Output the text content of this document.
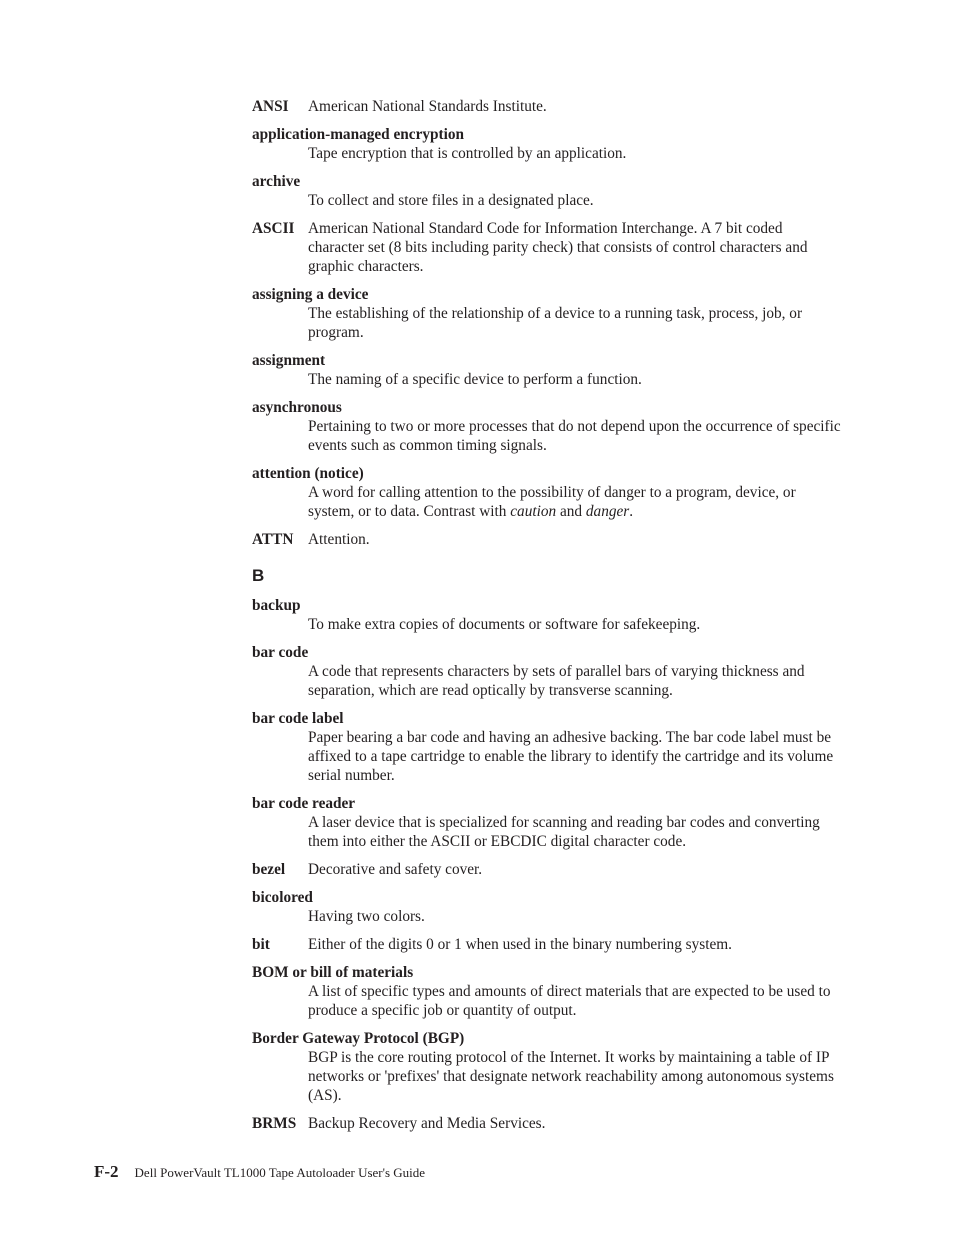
ANSI	American National Standards Institute.
application-managed encryption
Tape encryption that is controlled by an application.
archive
To collect and store files in a designated place.
ASCII American National Standard Code for Information Interchange. A 7 bit coded character set (8 bits including parity check) that consists of control characters and graphic characters.
assigning a device
The establishing of the relationship of a device to a running task, process, job, or program.
assignment
The naming of a specific device to perform a function.
asynchronous
Pertaining to two or more processes that do not depend upon the occurrence of specific events such as common timing signals.
attention (notice)
A word for calling attention to the possibility of danger to a program, device, or system, or to data. Contrast with caution and danger.
ATTN Attention.
B
backup
To make extra copies of documents or software for safekeeping.
bar code
A code that represents characters by sets of parallel bars of varying thickness and separation, which are read optically by transverse scanning.
bar code label
Paper bearing a bar code and having an adhesive backing. The bar code label must be affixed to a tape cartridge to enable the library to identify the cartridge and its volume serial number.
bar code reader
A laser device that is specialized for scanning and reading bar codes and converting them into either the ASCII or EBCDIC digital character code.
bezel	Decorative and safety cover.
bicolored
Having two colors.
bit	Either of the digits 0 or 1 when used in the binary numbering system.
BOM or bill of materials
A list of specific types and amounts of direct materials that are expected to be used to produce a specific job or quantity of output.
Border Gateway Protocol (BGP)
BGP is the core routing protocol of the Internet. It works by maintaining a table of IP networks or 'prefixes' that designate network reachability among autonomous systems (AS).
BRMS Backup Recovery and Media Services.
F-2 Dell PowerVault TL1000 Tape Autoloader User's Guide
